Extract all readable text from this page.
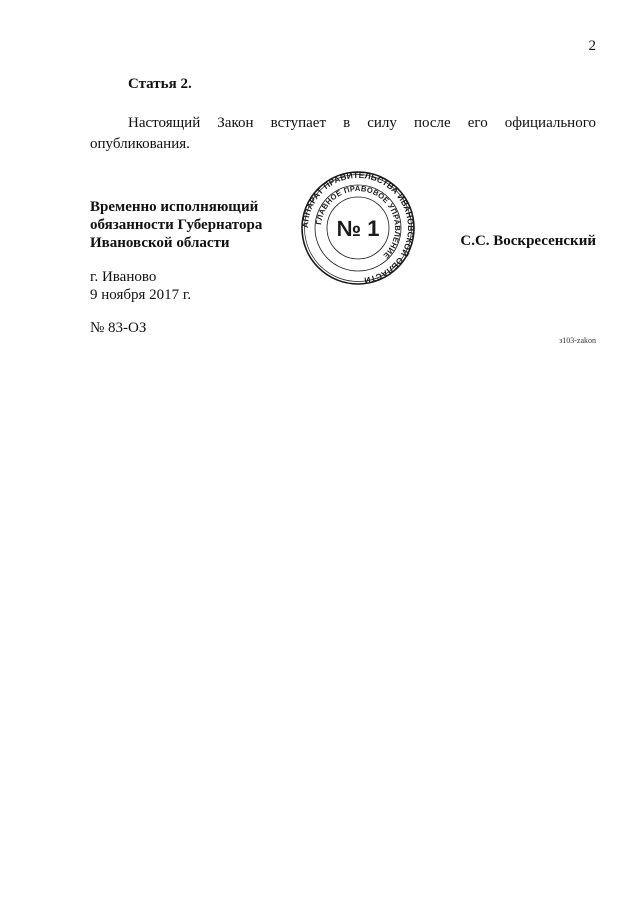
2
Статья 2.
Настоящий Закон вступает в силу после его официального
опубликования.
Временно исполняющий
обязанности Губернатора
Ивановской области
АППАРАТ ПРАВИТЕЛЬСТВА ИВАНОВСКОЙ ОБЛАСТИ
ГЛАВНОЕ ПРАВОВОЕ УПРАВЛЕНИЕ
№ 1	С.С. Воскресенский
г. Иваново
9 ноября 2017 г.
№ 83-ОЗ
з103-zakon
